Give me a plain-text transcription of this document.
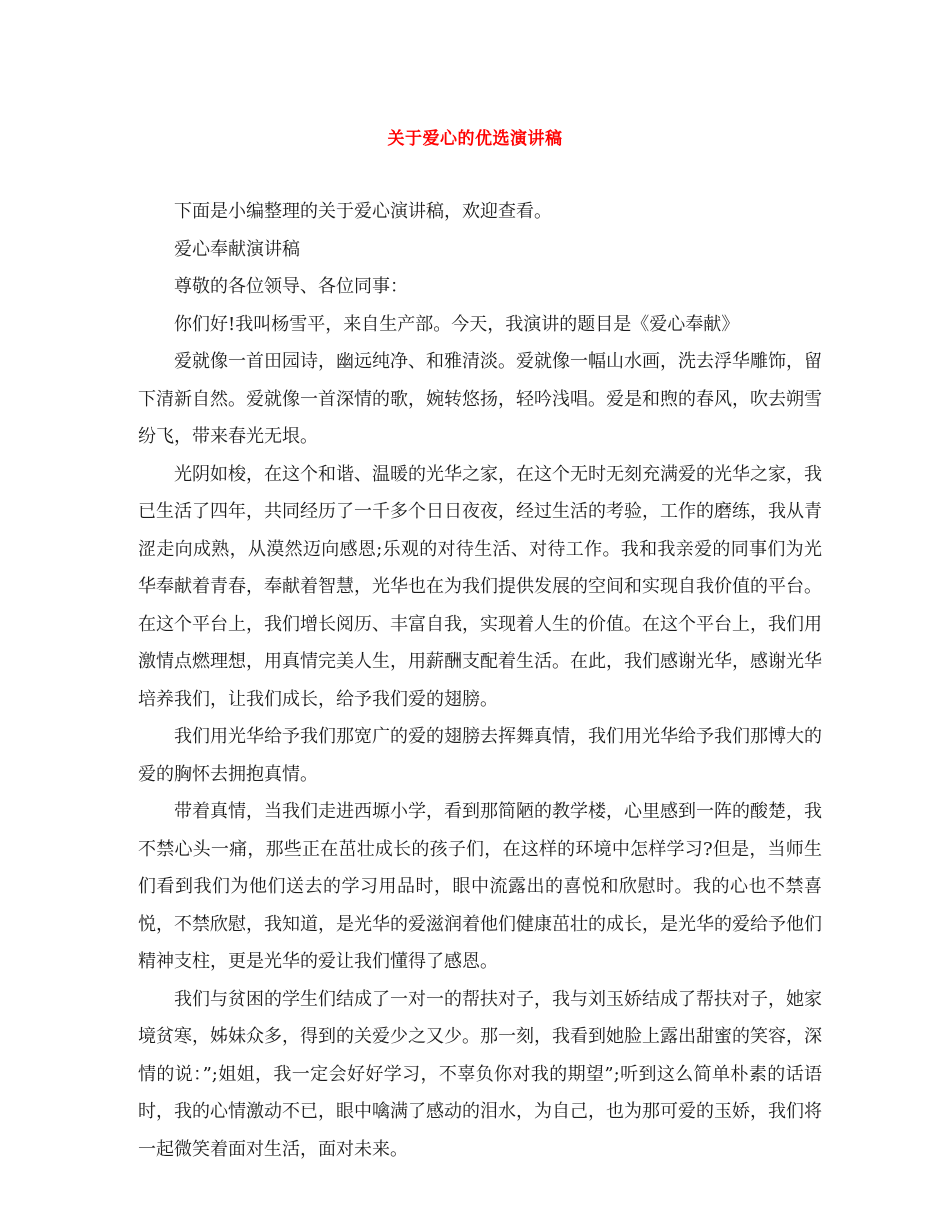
关于爱心的优选演讲稿

下面是小编整理的关于爱心演讲稿，欢迎查看。

爱心奉献演讲稿

尊敬的各位领导、各位同事：

你们好!我叫杨雪平，来自生产部。今天，我演讲的题目是《爱心奉献》

爱就像一首田园诗，幽远纯净、和雅清淡。爱就像一幅山水画，洗去浮华雕饰，留下清新自然。爱就像一首深情的歌，婉转悠扬，轻吟浅唱。爱是和煦的春风，吹去朔雪纷飞，带来春光无垠。

光阴如梭，在这个和谐、温暖的光华之家，在这个无时无刻充满爱的光华之家，我已生活了四年，共同经历了一千多个日日夜夜，经过生活的考验，工作的磨练，我从青涩走向成熟，从漠然迈向感恩;乐观的对待生活、对待工作。我和我亲爱的同事们为光华奉献着青春，奉献着智慧，光华也在为我们提供发展的空间和实现自我价值的平台。在这个平台上，我们增长阅历、丰富自我，实现着人生的价值。在这个平台上，我们用激情点燃理想，用真情完美人生，用薪酬支配着生活。在此，我们感谢光华，感谢光华培养我们，让我们成长，给予我们爱的翅膀。

我们用光华给予我们那宽广的爱的翅膀去挥舞真情，我们用光华给予我们那博大的爱的胸怀去拥抱真情。

带着真情，当我们走进西塬小学，看到那简陋的教学楼，心里感到一阵的酸楚，我不禁心头一痛，那些正在茁壮成长的孩子们，在这样的环境中怎样学习?但是，当师生们看到我们为他们送去的学习用品时，眼中流露出的喜悦和欣慰时。我的心也不禁喜悦，不禁欣慰，我知道，是光华的爱滋润着他们健康茁壮的成长，是光华的爱给予他们精神支柱，更是光华的爱让我们懂得了感恩。

我们与贫困的学生们结成了一对一的帮扶对子，我与刘玉娇结成了帮扶对子，她家境贫寒，姊妹众多，得到的关爱少之又少。那一刻，我看到她脸上露出甜蜜的笑容，深情的说：”;姐姐，我一定会好好学习，不辜负你对我的期望”;听到这么简单朴素的话语时，我的心情激动不已，眼中噙满了感动的泪水，为自己，也为那可爱的玉娇，我们将一起微笑着面对生活，面对未来。
